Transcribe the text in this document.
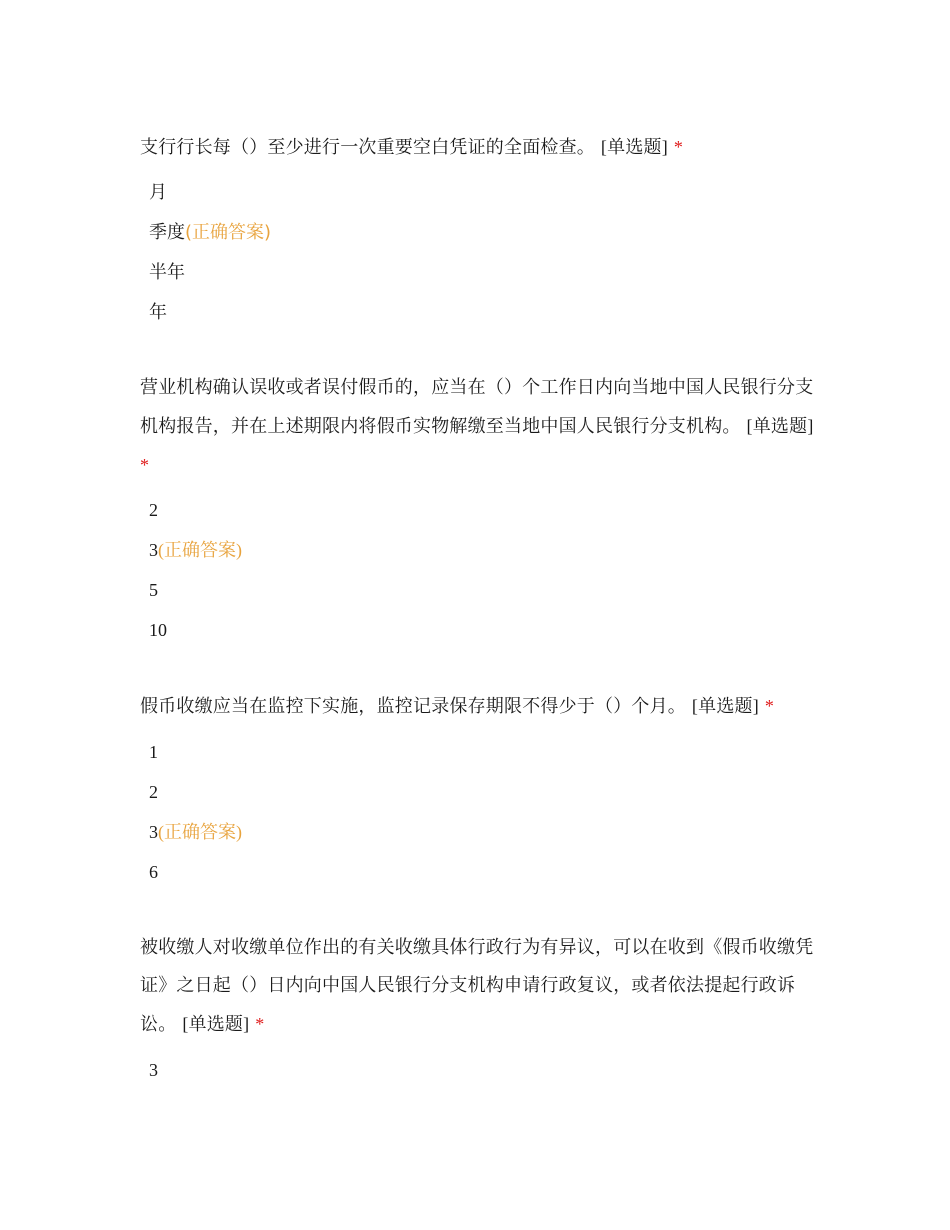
支行行长每（）至少进行一次重要空白凭证的全面检查。 [单选题] *

月
季度(正确答案)
半年
年

营业机构确认误收或者误付假币的，应当在（）个工作日内向当地中国人民银行分支机构报告，并在上述期限内将假币实物解缴至当地中国人民银行分支机构。 [单选题] *

2
3(正确答案)
5
10

假币收缴应当在监控下实施，监控记录保存期限不得少于（）个月。 [单选题] *

1
2
3(正确答案)
6

被收缴人对收缴单位作出的有关收缴具体行政行为有异议，可以在收到《假币收缴凭证》之日起（）日内向中国人民银行分支机构申请行政复议，或者依法提起行政诉讼。 [单选题] *

3
